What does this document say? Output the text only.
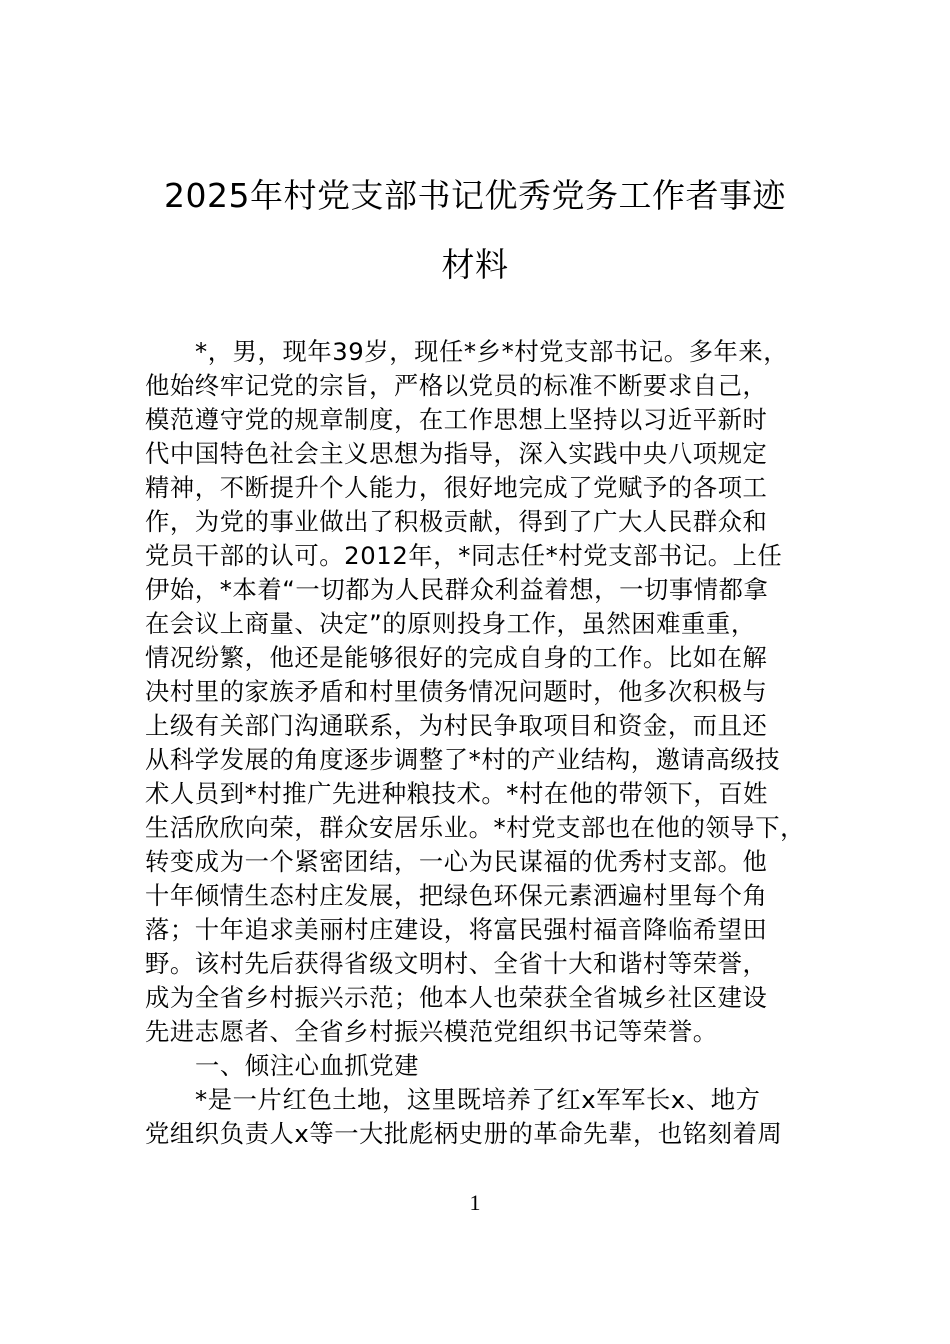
2025年村党支部书记优秀党务工作者事迹
材料
*，男，现年39岁，现任*乡*村党支部书记。多年来，
他始终牢记党的宗旨，严格以党员的标准不断要求自己，
模范遵守党的规章制度，在工作思想上坚持以习近平新时
代中国特色社会主义思想为指导，深入实践中央八项规定
精神，不断提升个人能力，很好地完成了党赋予的各项工
作，为党的事业做出了积极贡献，得到了广大人民群众和
党员干部的认可。2012年，*同志任*村党支部书记。上任
伊始，*本着“一切都为人民群众利益着想，一切事情都拿
在会议上商量、决定”的原则投身工作，虽然困难重重，
情况纷繁，他还是能够很好的完成自身的工作。比如在解
决村里的家族矛盾和村里债务情况问题时，他多次积极与
上级有关部门沟通联系，为村民争取项目和资金，而且还
从科学发展的角度逐步调整了*村的产业结构，邀请高级技
术人员到*村推广先进种粮技术。*村在他的带领下，百姓
生活欣欣向荣，群众安居乐业。*村党支部也在他的领导下，
转变成为一个紧密团结，一心为民谋福的优秀村支部。他
十年倾情生态村庄发展，把绿色环保元素洒遍村里每个角
落；十年追求美丽村庄建设，将富民强村福音降临希望田
野。该村先后获得省级文明村、全省十大和谐村等荣誉，
成为全省乡村振兴示范；他本人也荣获全省城乡社区建设
先进志愿者、全省乡村振兴模范党组织书记等荣誉。
一、倾注心血抓党建
*是一片红色土地，这里既培养了红x军军长x、地方
党组织负责人x等一大批彪柄史册的革命先辈，也铭刻着周
1
